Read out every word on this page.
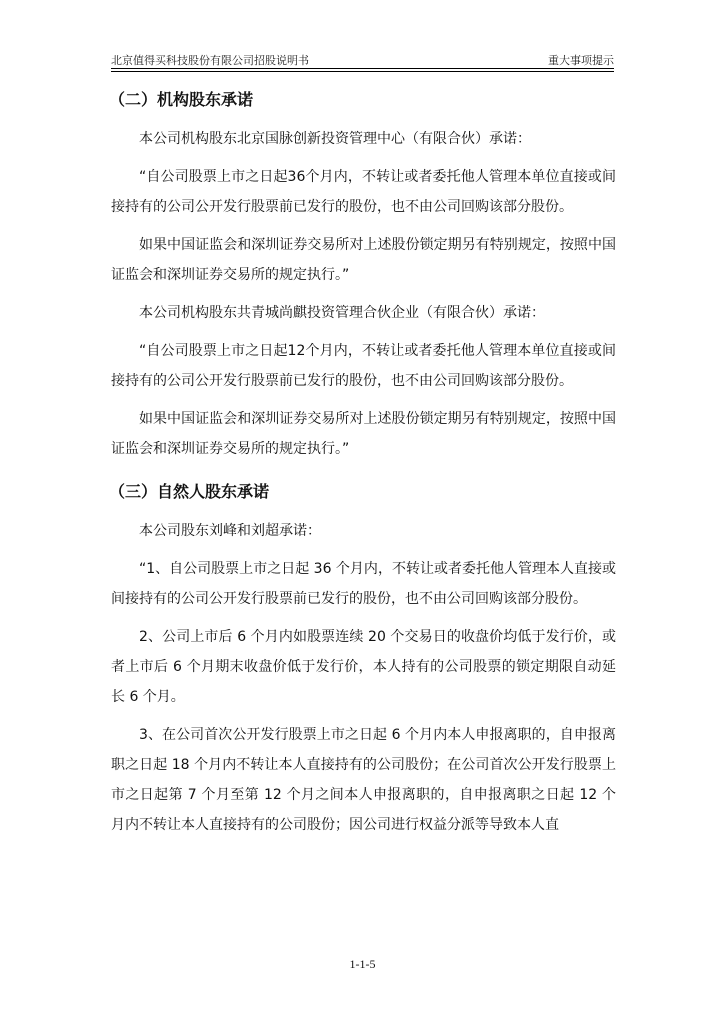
北京值得买科技股份有限公司招股说明书	重大事项提示
（二）机构股东承诺

本公司机构股东北京国脉创新投资管理中心（有限合伙）承诺：

“自公司股票上市之日起36个月内，不转让或者委托他人管理本单位直接或间接持有的公司公开发行股票前已发行的股份，也不由公司回购该部分股份。

如果中国证监会和深圳证券交易所对上述股份锁定期另有特别规定，按照中国证监会和深圳证券交易所的规定执行。”

本公司机构股东共青城尚麒投资管理合伙企业（有限合伙）承诺：

“自公司股票上市之日起12个月内，不转让或者委托他人管理本单位直接或间接持有的公司公开发行股票前已发行的股份，也不由公司回购该部分股份。

如果中国证监会和深圳证券交易所对上述股份锁定期另有特别规定，按照中国证监会和深圳证券交易所的规定执行。”

（三）自然人股东承诺

本公司股东刘峰和刘超承诺：

“1、自公司股票上市之日起 36 个月内，不转让或者委托他人管理本人直接或间接持有的公司公开发行股票前已发行的股份，也不由公司回购该部分股份。

2、公司上市后 6 个月内如股票连续 20 个交易日的收盘价均低于发行价，或者上市后 6 个月期末收盘价低于发行价，本人持有的公司股票的锁定期限自动延长 6 个月。

3、在公司首次公开发行股票上市之日起 6 个月内本人申报离职的，自申报离职之日起 18 个月内不转让本人直接持有的公司股份；在公司首次公开发行股票上市之日起第 7 个月至第 12 个月之间本人申报离职的，自申报离职之日起 12 个月内不转让本人直接持有的公司股份；因公司进行权益分派等导致本人直

1-1-5
